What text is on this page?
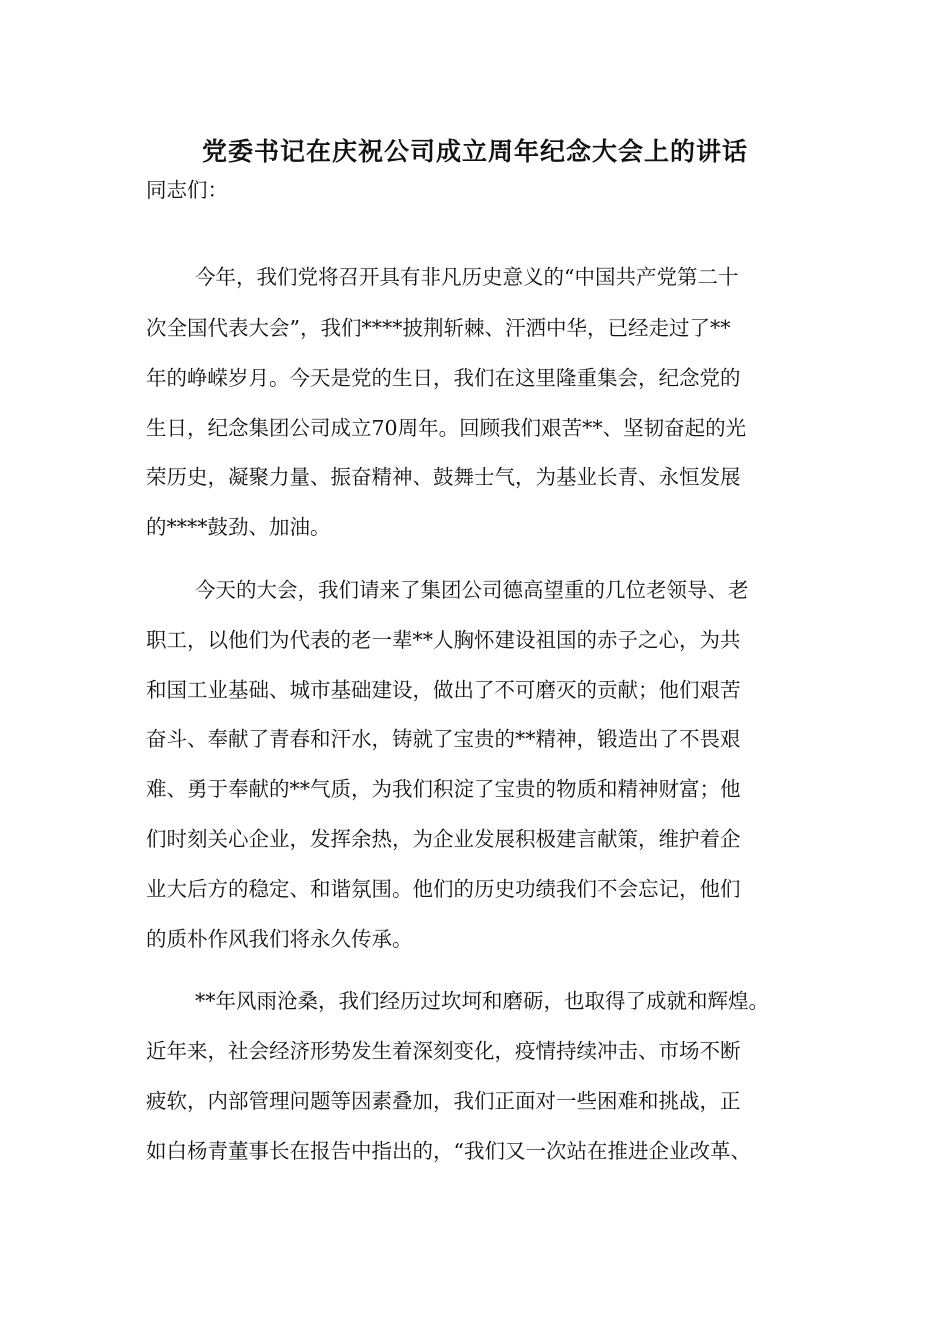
党委书记在庆祝公司成立周年纪念大会上的讲话

同志们：

今年，我们党将召开具有非凡历史意义的“中国共产党第二十

次全国代表大会”，我们****披荆斩棘、汗洒中华，已经走过了**

年的峥嵘岁月。今天是党的生日，我们在这里隆重集会，纪念党的

生日，纪念集团公司成立70周年。回顾我们艰苦**、坚韧奋起的光

荣历史，凝聚力量、振奋精神、鼓舞士气，为基业长青、永恒发展

的****鼓劲、加油。

今天的大会，我们请来了集团公司德高望重的几位老领导、老

职工，以他们为代表的老一辈**人胸怀建设祖国的赤子之心，为共

和国工业基础、城市基础建设，做出了不可磨灭的贡献；他们艰苦

奋斗、奉献了青春和汗水，铸就了宝贵的**精神，锻造出了不畏艰

难、勇于奉献的**气质，为我们积淀了宝贵的物质和精神财富；他

们时刻关心企业，发挥余热，为企业发展积极建言献策，维护着企

业大后方的稳定、和谐氛围。他们的历史功绩我们不会忘记，他们

的质朴作风我们将永久传承。

**年风雨沧桑，我们经历过坎坷和磨砺，也取得了成就和辉煌。

近年来，社会经济形势发生着深刻变化，疫情持续冲击、市场不断

疲软，内部管理问题等因素叠加，我们正面对一些困难和挑战，正

如白杨青董事长在报告中指出的，“我们又一次站在推进企业改革、
